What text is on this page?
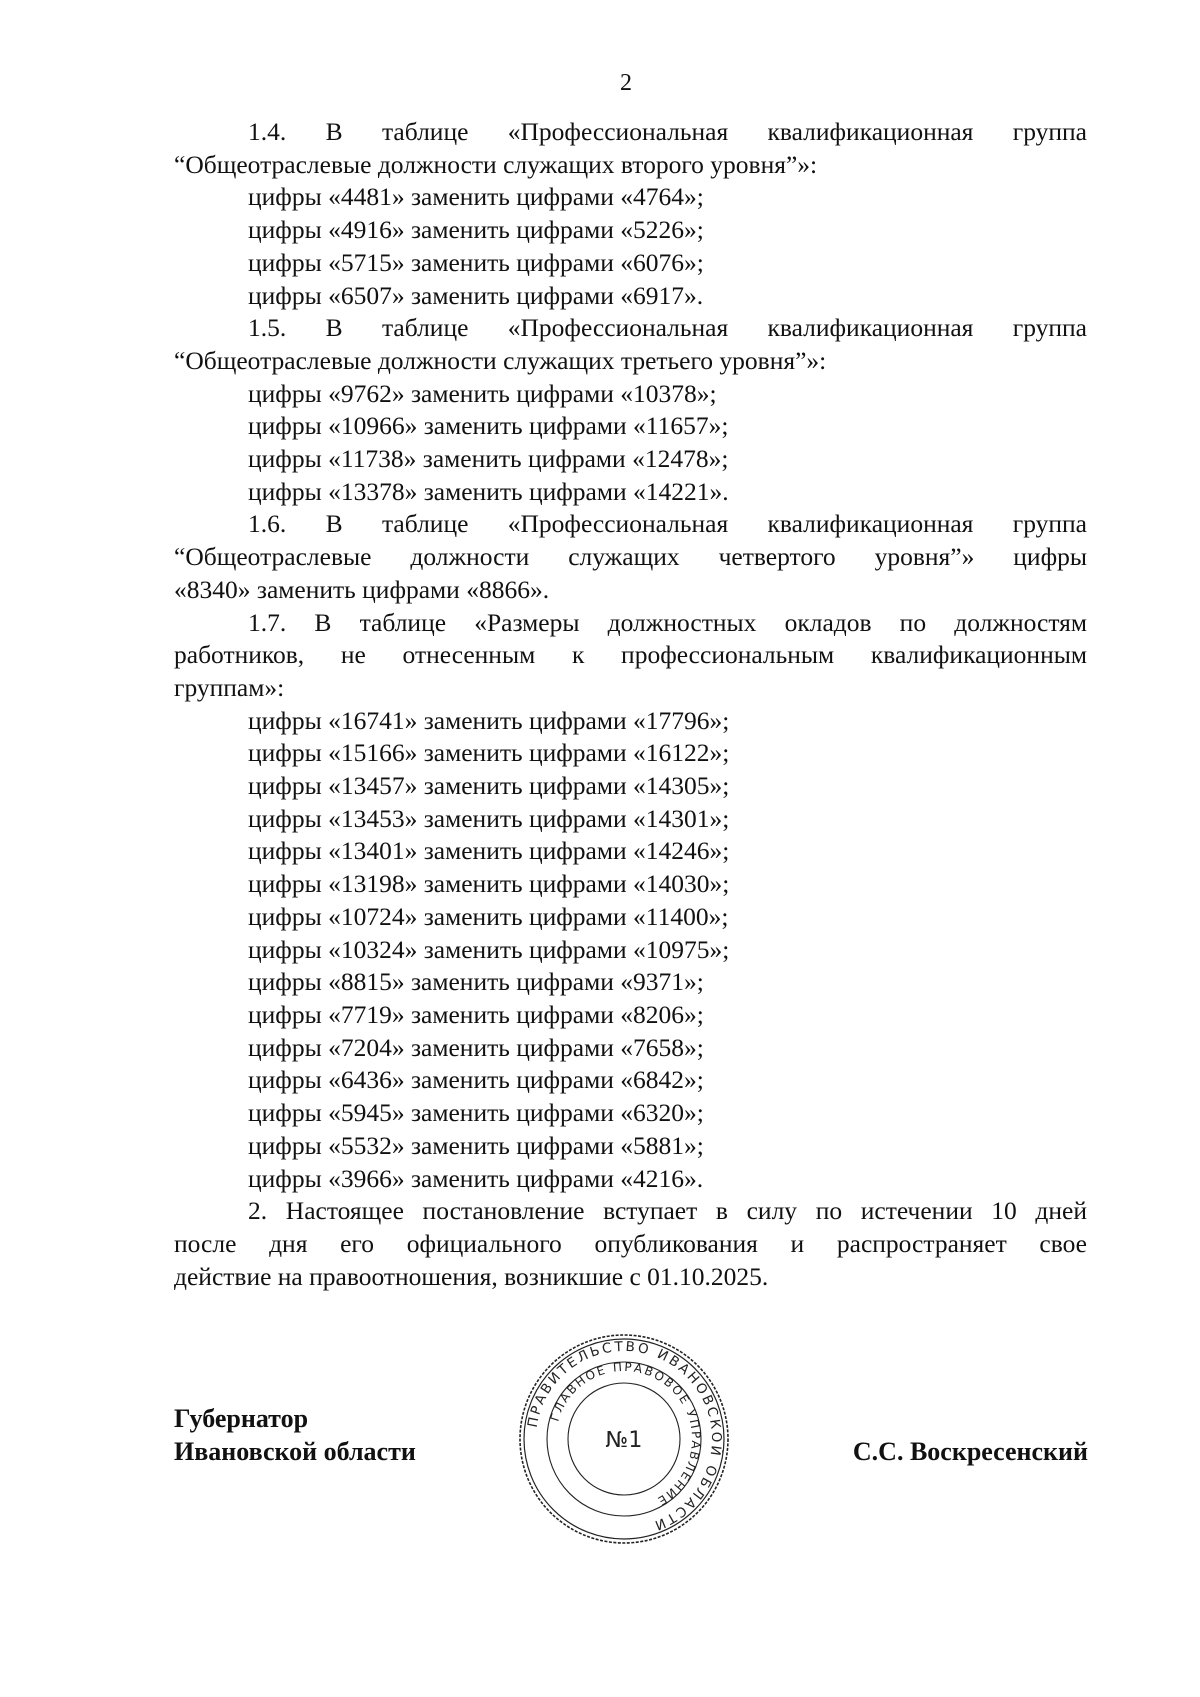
2

1.4. В таблице «Профессиональная квалификационная группа

“Общеотраслевые должности служащих второго уровня”»:

цифры «4481» заменить цифрами «4764»;

цифры «4916» заменить цифрами «5226»;

цифры «5715» заменить цифрами «6076»;

цифры «6507» заменить цифрами «6917».

1.5. В таблице «Профессиональная квалификационная группа

“Общеотраслевые должности служащих третьего уровня”»:

цифры «9762» заменить цифрами «10378»;

цифры «10966» заменить цифрами «11657»;

цифры «11738» заменить цифрами «12478»;

цифры «13378» заменить цифрами «14221».

1.6. В таблице «Профессиональная квалификационная группа

“Общеотраслевые должности служащих четвертого уровня”» цифры

«8340» заменить цифрами «8866».

1.7. В таблице «Размеры должностных окладов по должностям

работников, не отнесенным к профессиональным квалификационным

группам»:

цифры «16741» заменить цифрами «17796»;

цифры «15166» заменить цифрами «16122»;

цифры «13457» заменить цифрами «14305»;

цифры «13453» заменить цифрами «14301»;

цифры «13401» заменить цифрами «14246»;

цифры «13198» заменить цифрами «14030»;

цифры «10724» заменить цифрами «11400»;

цифры «10324» заменить цифрами «10975»;

цифры «8815» заменить цифрами «9371»;

цифры «7719» заменить цифрами «8206»;

цифры «7204» заменить цифрами «7658»;

цифры «6436» заменить цифрами «6842»;

цифры «5945» заменить цифрами «6320»;

цифры «5532» заменить цифрами «5881»;

цифры «3966» заменить цифрами «4216».

2. Настоящее постановление вступает в силу по истечении 10 дней

после дня его официального опубликования и распространяет свое

действие на правоотношения, возникшие с 01.10.2025.

Губернатор
Ивановской области
ПРАВИТЕЛЬСТВО ИВАНОВСКОЙ ОБЛАСТИ
ГЛАВНОЕ ПРАВОВОЕ УПРАВЛЕНИЕ
№1	С.С. Воскресенский
